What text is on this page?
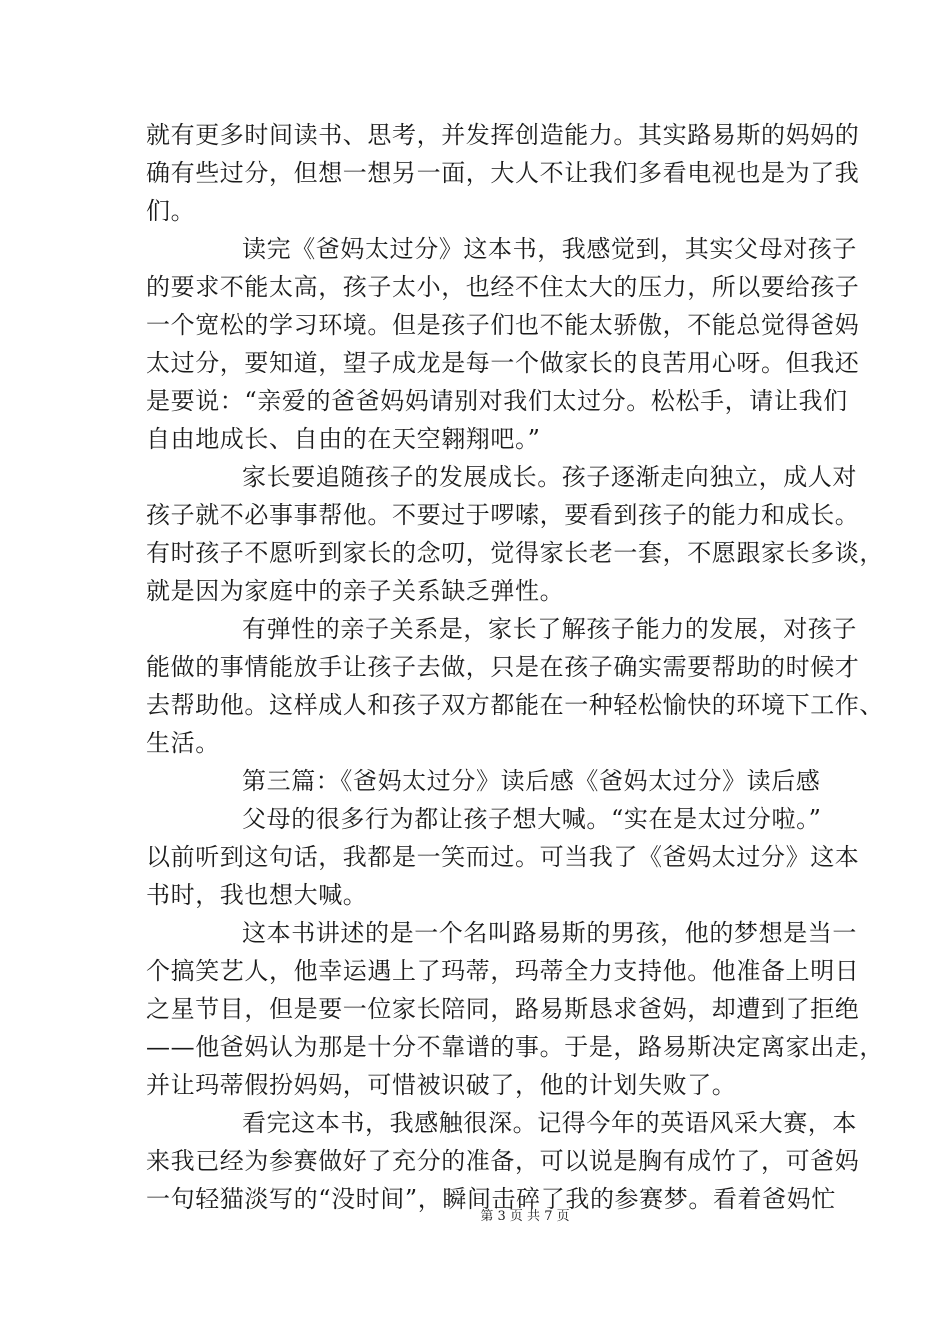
就有更多时间读书、思考，并发挥创造能力。其实路易斯的妈妈的
确有些过分，但想一想另一面，大人不让我们多看电视也是为了我
们。
读完《爸妈太过分》这本书，我感觉到，其实父母对孩子
的要求不能太高，孩子太小，也经不住太大的压力，所以要给孩子
一个宽松的学习环境。但是孩子们也不能太骄傲，不能总觉得爸妈
太过分，要知道，望子成龙是每一个做家长的良苦用心呀。但我还
是要说：“亲爱的爸爸妈妈请别对我们太过分。松松手，请让我们
自由地成长、自由的在天空翱翔吧。”
家长要追随孩子的发展成长。孩子逐渐走向独立，成人对
孩子就不必事事帮他。不要过于啰嗦，要看到孩子的能力和成长。
有时孩子不愿听到家长的念叨，觉得家长老一套，不愿跟家长多谈，
就是因为家庭中的亲子关系缺乏弹性。
有弹性的亲子关系是，家长了解孩子能力的发展，对孩子
能做的事情能放手让孩子去做，只是在孩子确实需要帮助的时候才
去帮助他。这样成人和孩子双方都能在一种轻松愉快的环境下工作、
生活。
第三篇：《爸妈太过分》读后感《爸妈太过分》读后感
父母的很多行为都让孩子想大喊。“实在是太过分啦。”
以前听到这句话，我都是一笑而过。可当我了《爸妈太过分》这本
书时，我也想大喊。
这本书讲述的是一个名叫路易斯的男孩，他的梦想是当一
个搞笑艺人，他幸运遇上了玛蒂，玛蒂全力支持他。他准备上明日
之星节目，但是要一位家长陪同，路易斯恳求爸妈，却遭到了拒绝
——他爸妈认为那是十分不靠谱的事。于是，路易斯决定离家出走，
并让玛蒂假扮妈妈，可惜被识破了，他的计划失败了。
看完这本书，我感触很深。记得今年的英语风采大赛，本
来我已经为参赛做好了充分的准备，可以说是胸有成竹了，可爸妈
一句轻猫淡写的“没时间”，瞬间击碎了我的参赛梦。看着爸妈忙
第 3 页 共 7 页
